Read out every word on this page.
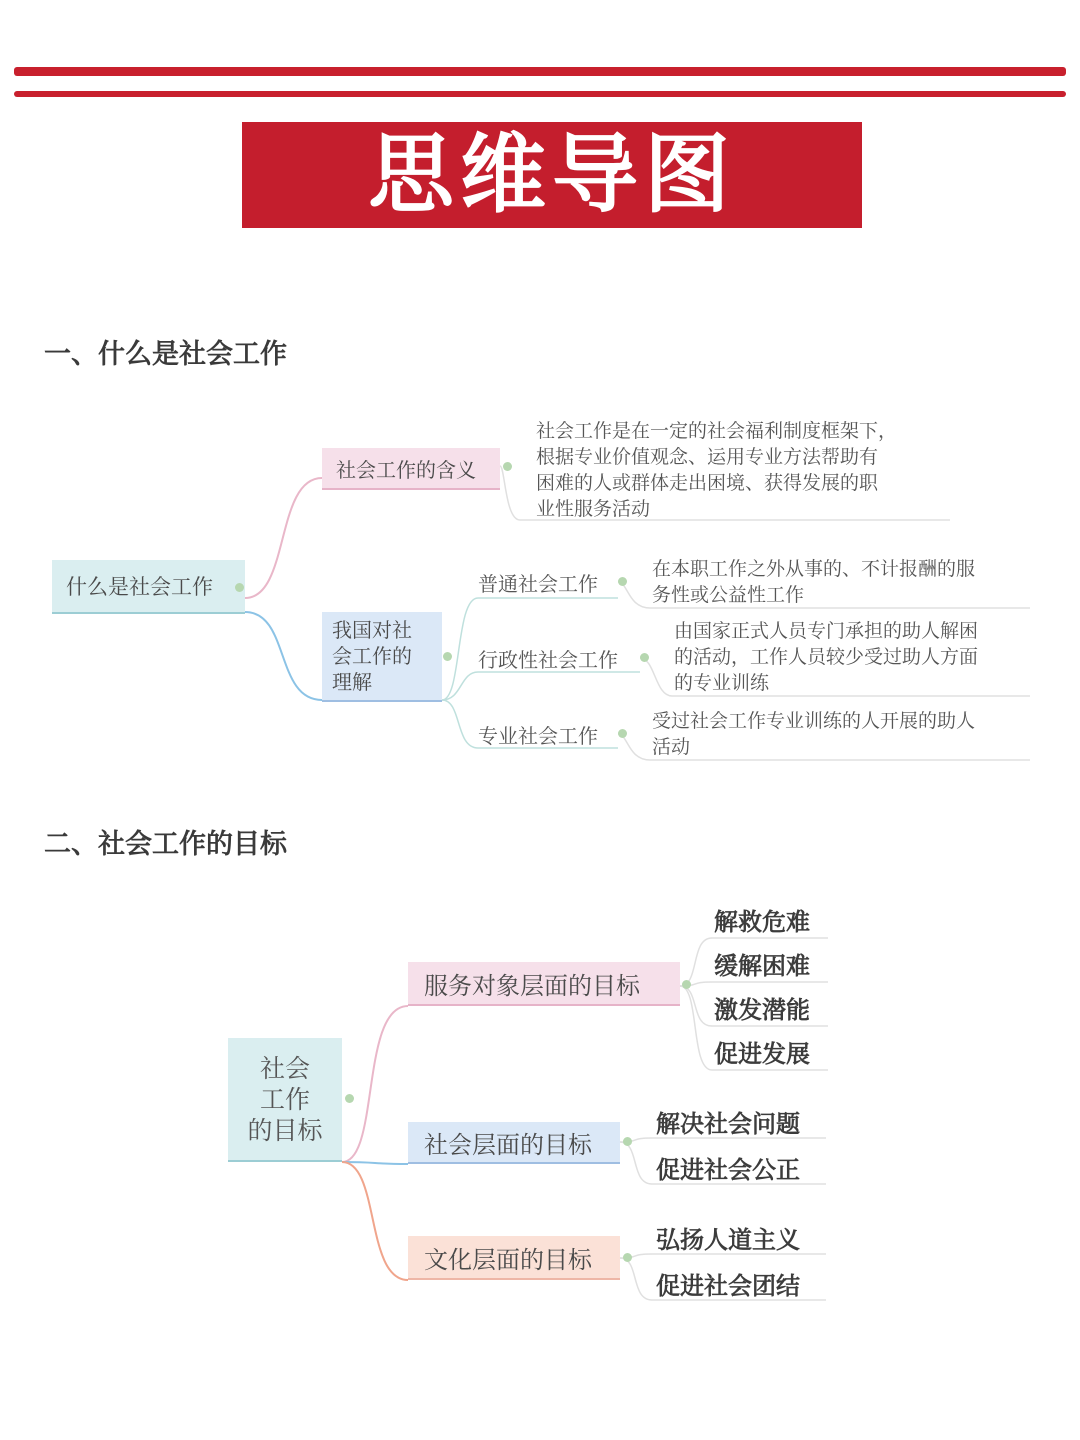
思维导图
一、什么是社会工作
什么是社会工作
社会工作的含义
社会工作是在一定的社会福利制度框架下，
根据专业价值观念、运用专业方法帮助有
困难的人或群体走出困境、获得发展的职
业性服务活动
我国对社
会工作的
理解
普通社会工作
在本职工作之外从事的、不计报酬的服
务性或公益性工作
行政性社会工作
由国家正式人员专门承担的助人解困
的活动，工作人员较少受过助人方面
的专业训练
专业社会工作
受过社会工作专业训练的人开展的助人
活动
二、社会工作的目标
社会
工作
的目标
服务对象层面的目标
解救危难
缓解困难
激发潜能
促进发展
社会层面的目标
解决社会问题
促进社会公正
文化层面的目标
弘扬人道主义
促进社会团结
